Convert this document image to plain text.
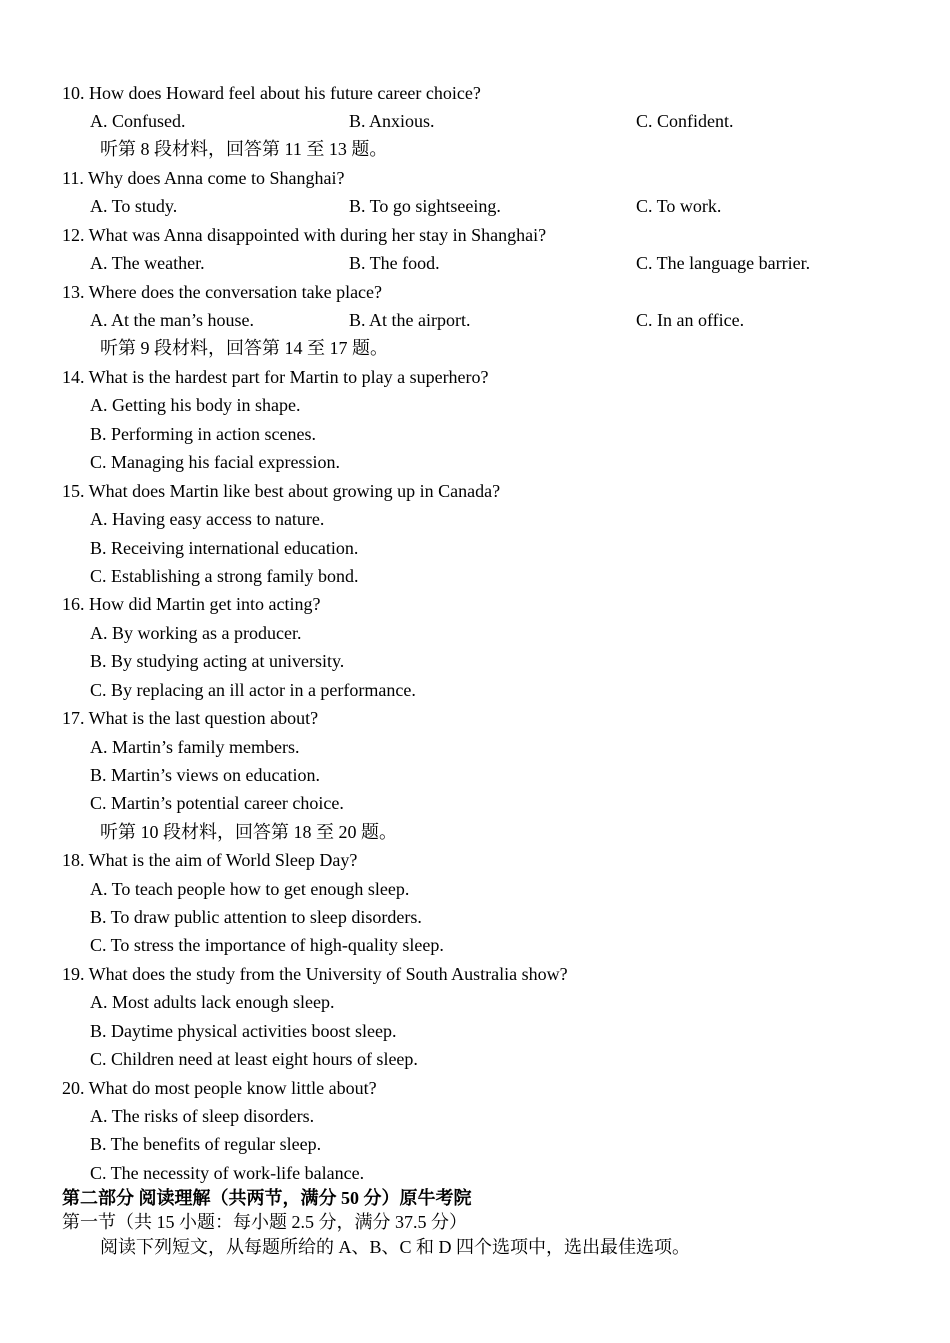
10. How does Howard feel about his future career choice?
A. Confused.	B. Anxious.	C. Confident.
听第 8 段材料，回答第 11 至 13 题。
11. Why does Anna come to Shanghai?
A. To study.	B. To go sightseeing.	C. To work.
12. What was Anna disappointed with during her stay in Shanghai?
A. The weather.	B. The food.	C. The language barrier.
13. Where does the conversation take place?
A. At the man’s house.	B. At the airport.	C. In an office.
听第 9 段材料，回答第 14 至 17 题。
14. What is the hardest part for Martin to play a superhero?
A. Getting his body in shape.
B. Performing in action scenes.
C. Managing his facial expression.
15. What does Martin like best about growing up in Canada?
A. Having easy access to nature.
B. Receiving international education.
C. Establishing a strong family bond.
16. How did Martin get into acting?
A. By working as a producer.
B. By studying acting at university.
C. By replacing an ill actor in a performance.
17. What is the last question about?
A. Martin’s family members.
B. Martin’s views on education.
C. Martin’s potential career choice.
听第 10 段材料，回答第 18 至 20 题。
18. What is the aim of World Sleep Day?
A. To teach people how to get enough sleep.
B. To draw public attention to sleep disorders.
C. To stress the importance of high-quality sleep.
19. What does the study from the University of South Australia show?
A. Most adults lack enough sleep.
B. Daytime physical activities boost sleep.
C. Children need at least eight hours of sleep.
20. What do most people know little about?
A. The risks of sleep disorders.
B. The benefits of regular sleep.
C. The necessity of work-life balance.
第二部分 阅读理解（共两节，满分 50 分）原牛考院
第一节（共 15 小题：每小题 2.5 分，满分 37.5 分）
阅读下列短文，从每题所给的 A、B、C 和 D 四个选项中，选出最佳选项。
